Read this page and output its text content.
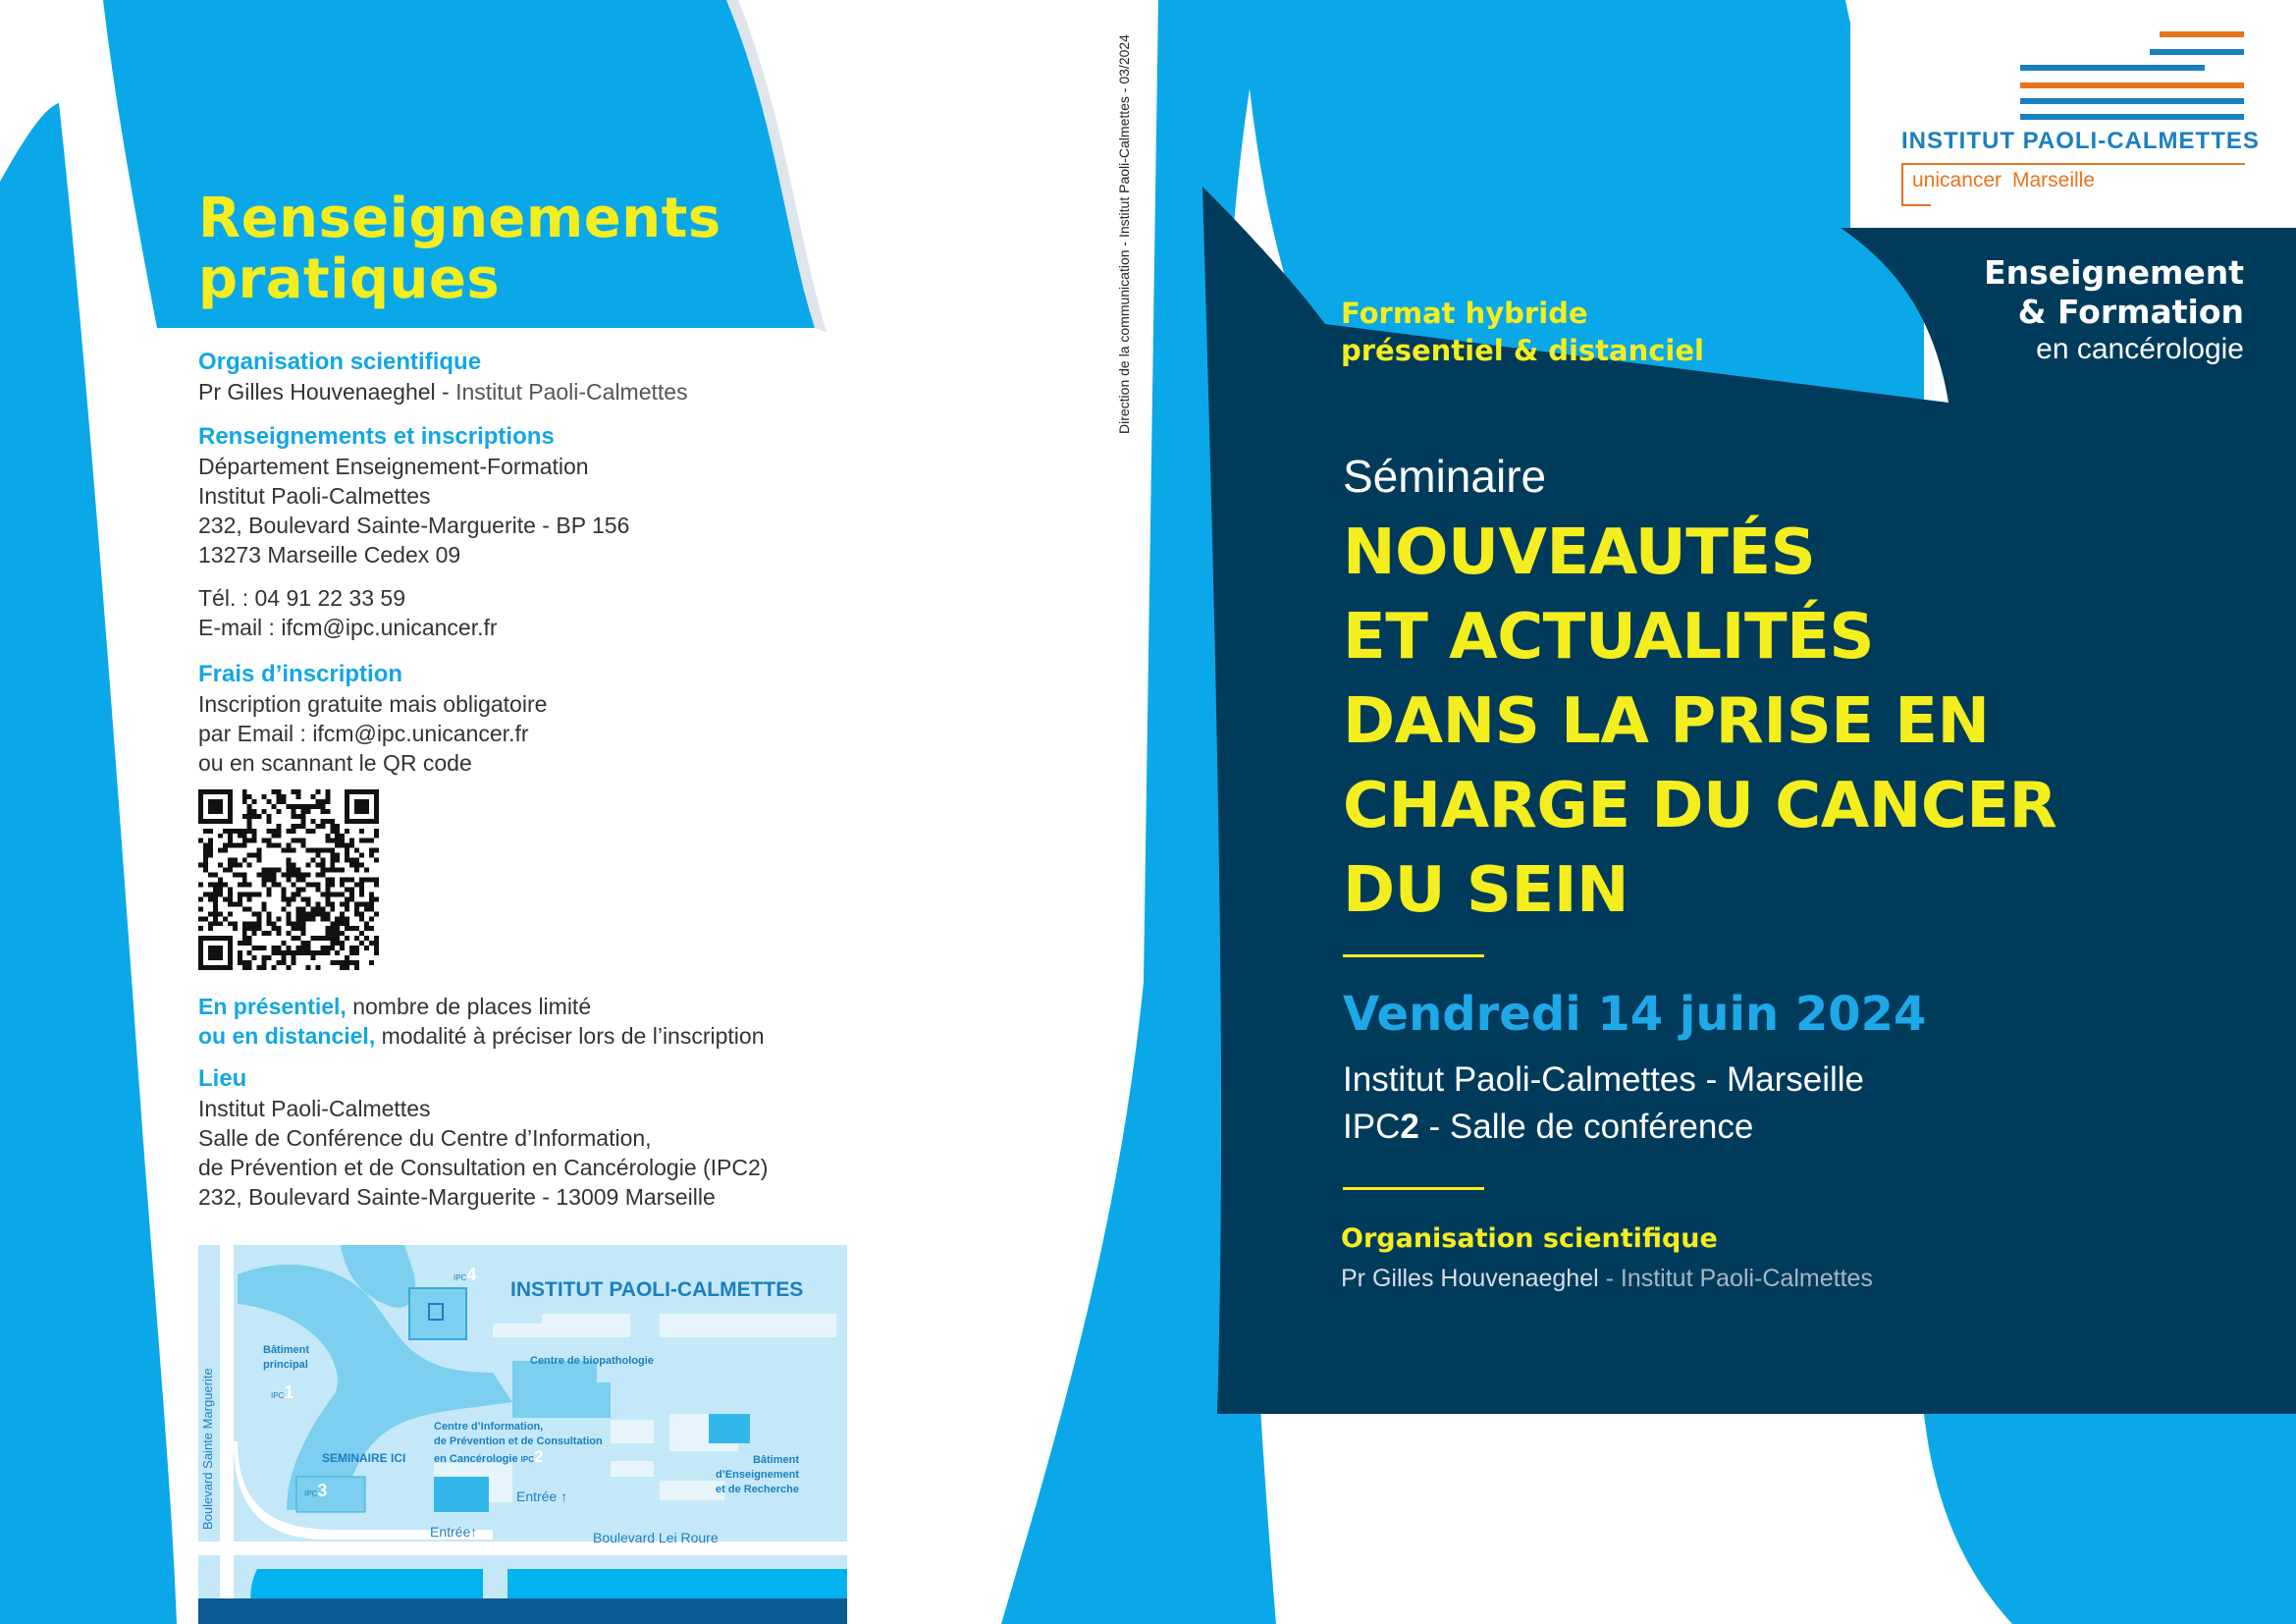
Renseignements
pratiques
Organisation scientifique
Pr Gilles Houvenaeghel - Institut Paoli-Calmettes
Renseignements et inscriptions
Département Enseignement-Formation
Institut Paoli-Calmettes
232, Boulevard Sainte-Marguerite - BP 156
13273 Marseille Cedex 09
Tél. : 04 91 22 33 59
E-mail : ifcm@ipc.unicancer.fr
Frais d’inscription
Inscription gratuite mais obligatoire
par Email : ifcm@ipc.unicancer.fr
ou en scannant le QR code
En présentiel, nombre de places limité
ou en distanciel, modalité à préciser lors de l’inscription
Lieu
Institut Paoli-Calmettes
Salle de Conférence du Centre d’Information,
de Prévention et de Consultation en Cancérologie (IPC2)
232, Boulevard Sainte-Marguerite - 13009 Marseille
INSTITUT PAOLI-CALMETTES
Boulevard Sainte Marguerite
Boulevard Lei Roure
Bâtiment
principal	Centre de biopathologie
Centre d’Information,
de Prévention et de Consultation
en Cancérologie IPC2
SEMINAIRE ICI	Bâtiment
d’Enseignement
et de Recherche
Entrée ↑
Entrée↑
IPC1
IPC3
IPC4
Direction de la communication - Institut Paoli-Calmettes - 03/2024	INSTITUT PAOLI-CALMETTES
unicancer Marseille
Enseignement
& Formation
en cancérologie
Format hybride
présentiel & distanciel
Séminaire
NOUVEAUTÉS
ET ACTUALITÉS
DANS LA PRISE EN
CHARGE DU CANCER
DU SEIN
Vendredi 14 juin 2024
Institut Paoli-Calmettes - Marseille
IPC2 - Salle de conférence
Organisation scientifique
Pr Gilles Houvenaeghel - Institut Paoli-Calmettes
